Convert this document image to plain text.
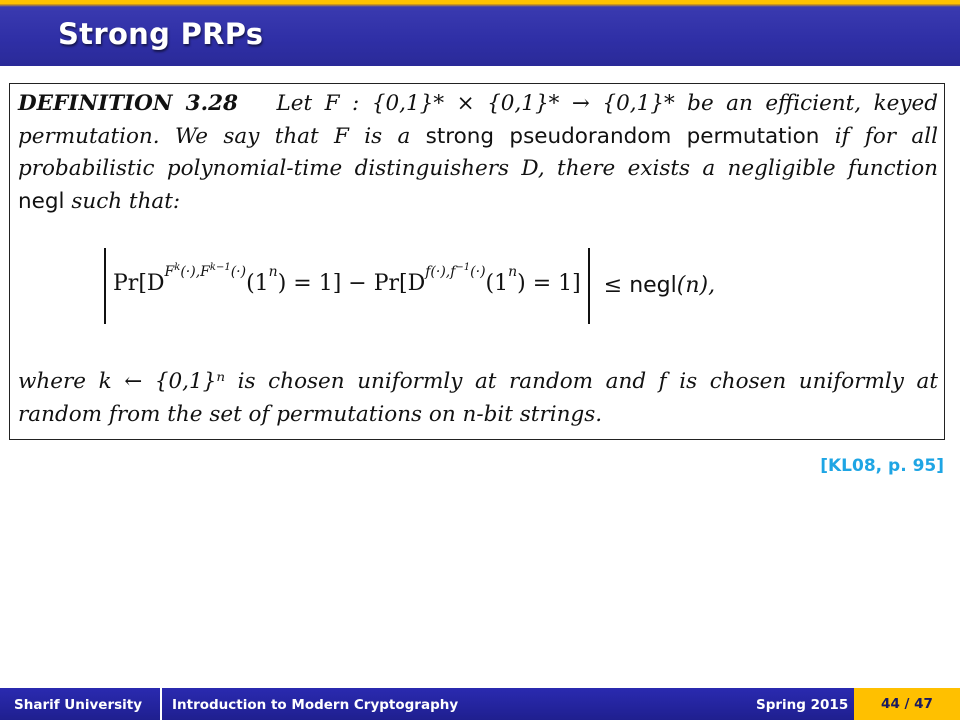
Strong PRPs
DEFINITION 3.28 Let F : {0,1}* × {0,1}* → {0,1}* be an efficient, keyed permutation. We say that F is a strong pseudorandom permutation if for all probabilistic polynomial-time distinguishers D, there exists a negligible function negl such that:
$Pr[D^{F^k(\cdot),F^{k-1}(\cdot)}(1^n) = 1] - Pr[D^{f(\cdot),f^{-1}(\cdot)}(1^n) = 1]$ ≤ negl(n),
where k ← {0,1}ⁿ is chosen uniformly at random and f is chosen uniformly at random from the set of permutations on n-bit strings.
[KL08, p. 95]
Sharif University Introduction to Modern Cryptography	Spring 2015	44 / 47
